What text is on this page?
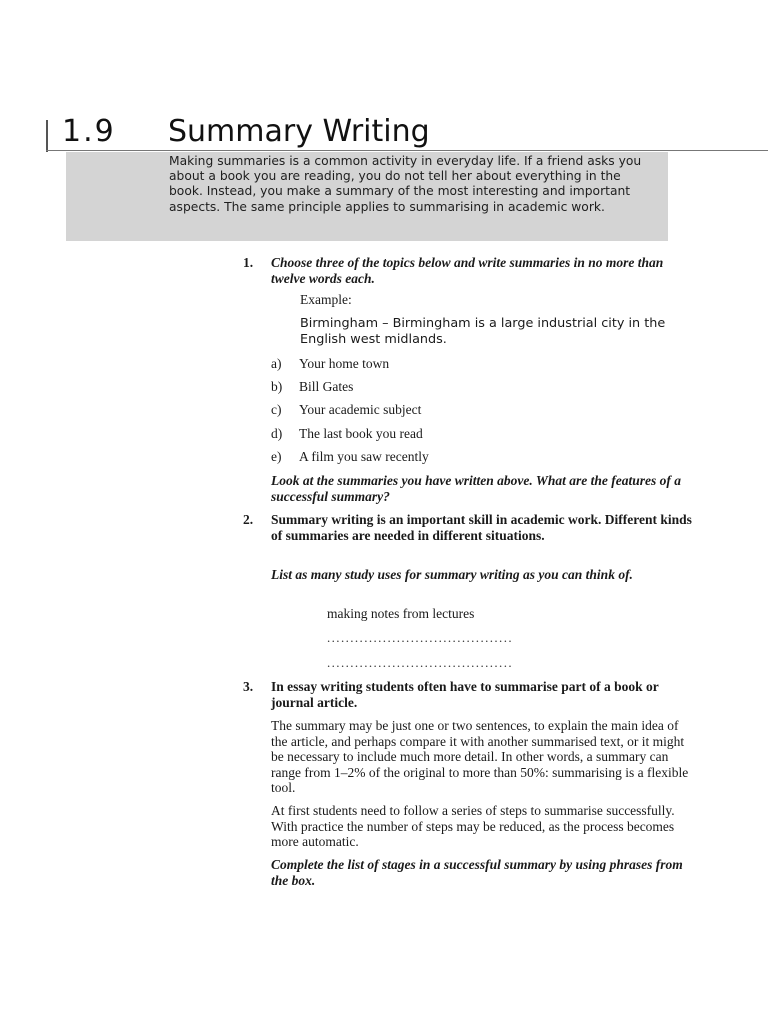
1.9 Summary Writing

Making summaries is a common activity in everyday life. If a friend asks you about a book you are reading, you do not tell her about everything in the book. Instead, you make a summary of the most interesting and important aspects. The same principle applies to summarising in academic work.

1. Choose three of the topics below and write summaries in no more than twelve words each.

Example:

Birmingham – Birmingham is a large industrial city in the English west midlands.

a) Your home town
b) Bill Gates
c) Your academic subject
d) The last book you read
e) A film you saw recently

Look at the summaries you have written above. What are the features of a successful summary?

2. Summary writing is an important skill in academic work. Different kinds of summaries are needed in different situations.

List as many study uses for summary writing as you can think of.

making notes from lectures
........................................
........................................
3. In essay writing students often have to summarise part of a book or journal article.

The summary may be just one or two sentences, to explain the main idea of the article, and perhaps compare it with another summarised text, or it might be necessary to include much more detail. In other words, a summary can range from 1–2% of the original to more than 50%: summarising is a flexible tool.

At first students need to follow a series of steps to summarise successfully. With practice the number of steps may be reduced, as the process becomes more automatic.

Complete the list of stages in a successful summary by using phrases from the box.
